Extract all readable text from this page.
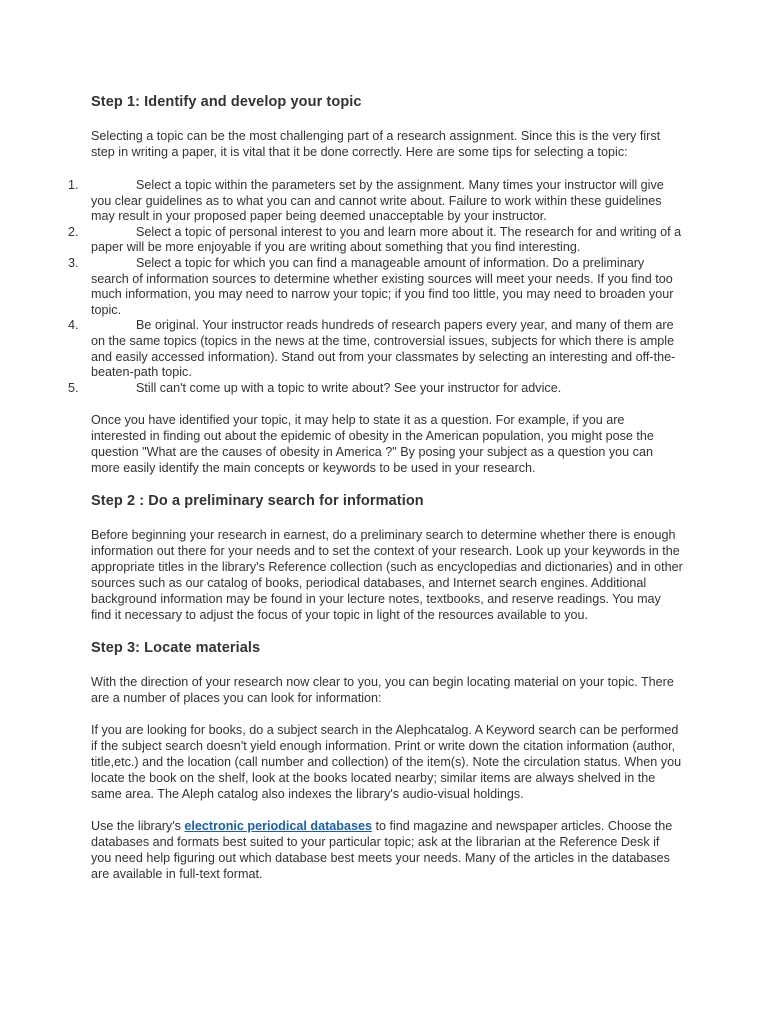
Step 1: Identify and develop your topic

Selecting a topic can be the most challenging part of a research assignment. Since this is the very first step in writing a paper, it is vital that it be done correctly. Here are some tips for selecting a topic:

1.	Select a topic within the parameters set by the assignment. Many times your instructor will give you clear guidelines as to what you can and cannot write about. Failure to work within these guidelines may result in your proposed paper being deemed unacceptable by your instructor.
2.	Select a topic of personal interest to you and learn more about it. The research for and writing of a paper will be more enjoyable if you are writing about something that you find interesting.
3.	Select a topic for which you can find a manageable amount of information. Do a preliminary search of information sources to determine whether existing sources will meet your needs. If you find too much information, you may need to narrow your topic; if you find too little, you may need to broaden your topic.
4.	Be original. Your instructor reads hundreds of research papers every year, and many of them are on the same topics (topics in the news at the time, controversial issues, subjects for which there is ample and easily accessed information). Stand out from your classmates by selecting an interesting and off-the-beaten-path topic.
5.	Still can't come up with a topic to write about? See your instructor for advice.

Once you have identified your topic, it may help to state it as a question. For example, if you are interested in finding out about the epidemic of obesity in the American population, you might pose the question "What are the causes of obesity in America ?" By posing your subject as a question you can more easily identify the main concepts or keywords to be used in your research.

Step 2 : Do a preliminary search for information

Before beginning your research in earnest, do a preliminary search to determine whether there is enough information out there for your needs and to set the context of your research. Look up your keywords in the appropriate titles in the library's Reference collection (such as encyclopedias and dictionaries) and in other sources such as our catalog of books, periodical databases, and Internet search engines. Additional background information may be found in your lecture notes, textbooks, and reserve readings. You may find it necessary to adjust the focus of your topic in light of the resources available to you.

Step 3: Locate materials

With the direction of your research now clear to you, you can begin locating material on your topic. There are a number of places you can look for information:

If you are looking for books, do a subject search in the Alephcatalog. A Keyword search can be performed if the subject search doesn't yield enough information. Print or write down the citation information (author, title,etc.) and the location (call number and collection) of the item(s). Note the circulation status. When you locate the book on the shelf, look at the books located nearby; similar items are always shelved in the same area. The Aleph catalog also indexes the library's audio-visual holdings.

Use the library's electronic periodical databases to find magazine and newspaper articles. Choose the databases and formats best suited to your particular topic; ask at the librarian at the Reference Desk if you need help figuring out which database best meets your needs. Many of the articles in the databases are available in full-text format.
